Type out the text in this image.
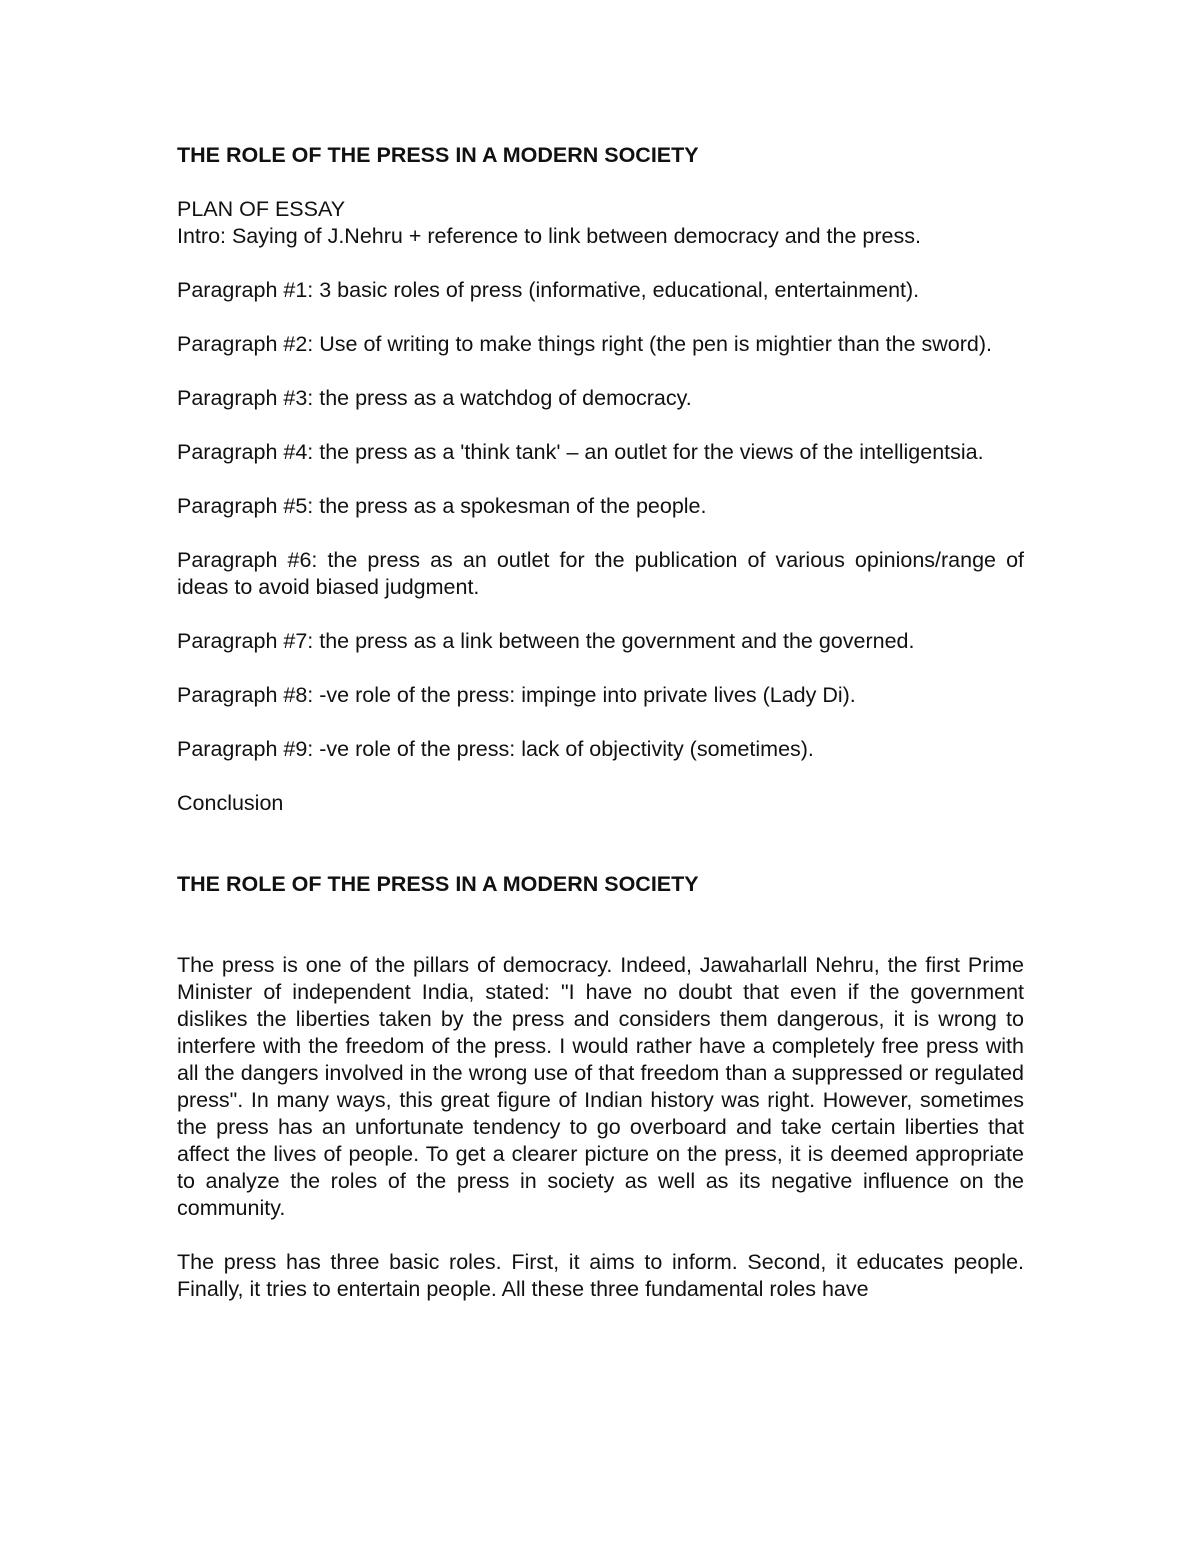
THE ROLE OF THE PRESS IN A MODERN SOCIETY
PLAN OF ESSAY

Intro: Saying of J.Nehru + reference to link between democracy and the press.

Paragraph #1: 3 basic roles of press (informative, educational, entertainment).

Paragraph #2: Use of writing to make things right (the pen is mightier than the sword).

Paragraph #3: the press as a watchdog of democracy.

Paragraph #4: the press as a 'think tank' – an outlet for the views of the intelligentsia.

Paragraph #5: the press as a spokesman of the people.

Paragraph #6: the press as an outlet for the publication of various opinions/range of ideas to avoid biased judgment.

Paragraph #7: the press as a link between the government and the governed.

Paragraph #8: -ve role of the press: impinge into private lives (Lady Di).

Paragraph #9: -ve role of the press: lack of objectivity (sometimes).

Conclusion

THE ROLE OF THE PRESS IN A MODERN SOCIETY

The press is one of the pillars of democracy. Indeed, Jawaharlall Nehru, the first Prime Minister of independent India, stated: "I have no doubt that even if the government dislikes the liberties taken by the press and considers them dangerous, it is wrong to interfere with the freedom of the press. I would rather have a completely free press with all the dangers involved in the wrong use of that freedom than a suppressed or regulated press". In many ways, this great figure of Indian history was right. However, sometimes the press has an unfortunate tendency to go overboard and take certain liberties that affect the lives of people. To get a clearer picture on the press, it is deemed appropriate to analyze the roles of the press in society as well as its negative influence on the community.

The press has three basic roles. First, it aims to inform. Second, it educates people. Finally, it tries to entertain people. All these three fundamental roles have
